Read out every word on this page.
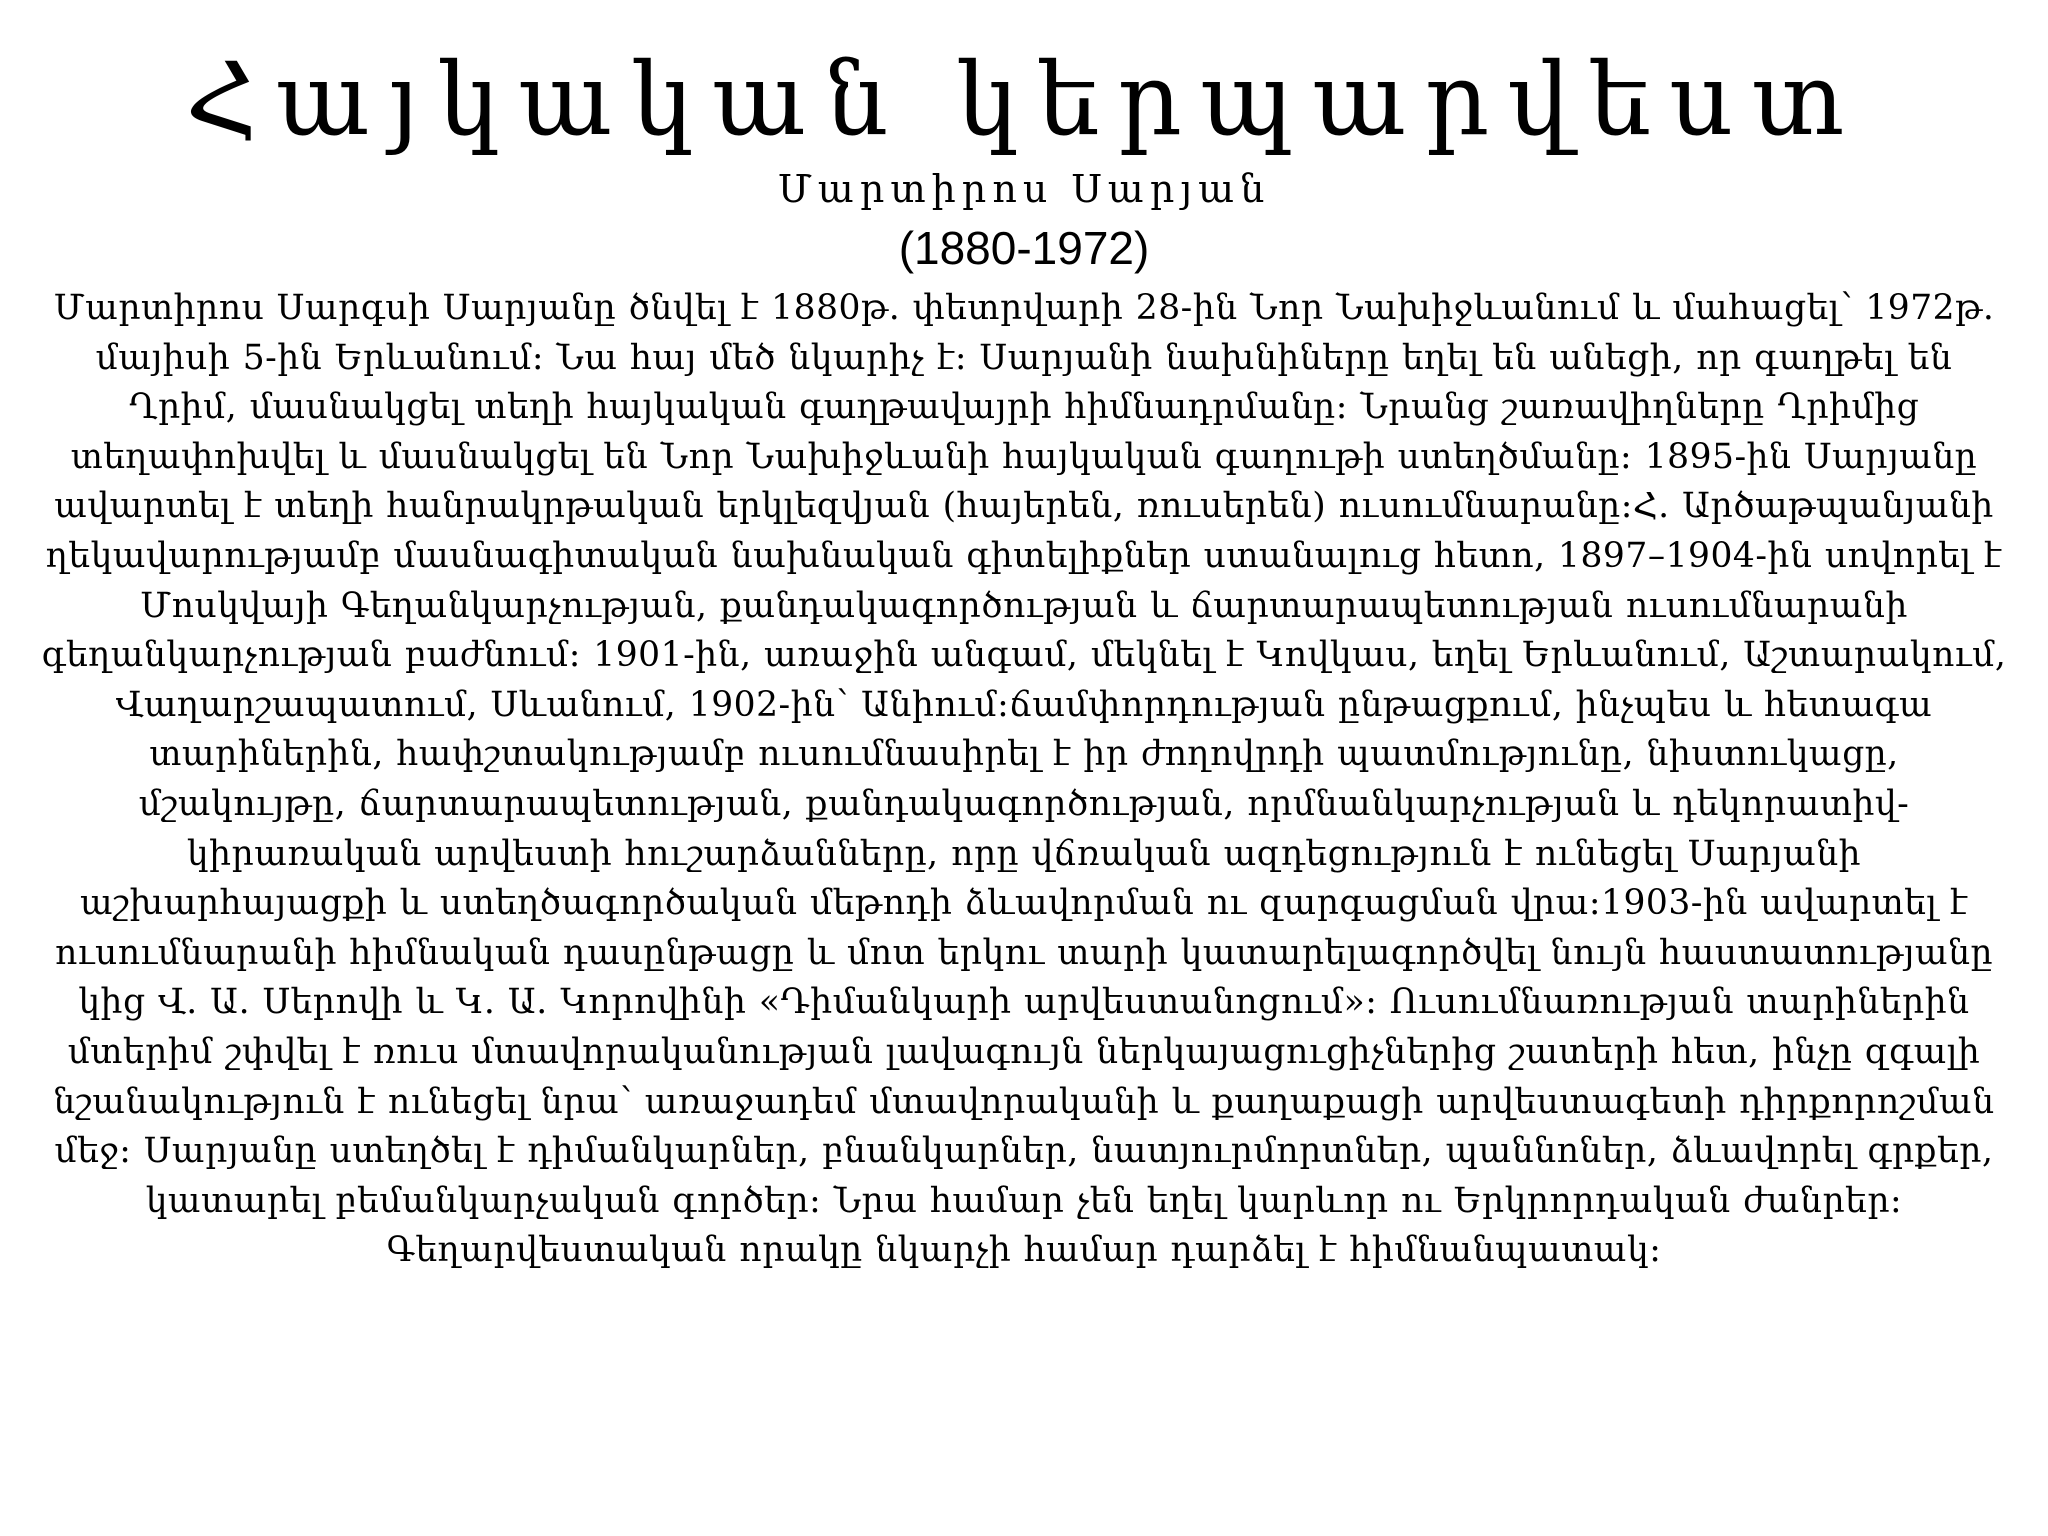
Հայկական կերպարվեստ
Մարտիրոս Սարյան
(1880-1972)
Մարտիրոս Սարգսի Սարյանը ծնվել է 1880թ. փետրվարի 28-ին Նոր Նախիջևանում և մահացել՝ 1972թ. մայիսի 5-ին Երևանում: Նա հայ մեծ նկարիչ է: Սարյանի նախնիները եղել են անեցի, որ գաղթել են Ղրիմ, մասնակցել տեղի հայկական գաղթավայրի հիմնադրմանը։ Նրանց շառավիղները Ղրիմից տեղափոխվել և մասնակցել են Նոր Նախիջևանի հայկական գաղութի ստեղծմանը։ 1895-ին Սարյանը ավարտել է տեղի հանրակրթական երկլեզվյան (հայերեն, ռուսերեն) ուսումնարանը:Հ. Արծաթպանյանի ղեկավարությամբ մասնագիտական նախնական գիտելիքներ ստանալուց հետո, 1897–1904-ին սովորել է Մոսկվայի Գեղանկարչության, քանդակագործության և ճարտարապետության ուսումնարանի գեղանկարչության բաժնում: 1901-ին, առաջին անգամ, մեկնել է Կովկաս, եղել Երևանում, Աշտարակում, Վաղարշապատում, Սևանում, 1902-ին՝ Անիում:ճամփորդության ընթացքում, ինչպես և հետագա տարիներին, հափշտակությամբ ուսումնասիրել է իր ժողովրդի պատմությունը, նիստուկացը, մշակույթը, ճարտարապետության, քանդակագործության, որմնանկարչության և դեկորատիվ-կիրառական արվեստի հուշարձանները, որը վճռական ազդեցություն է ունեցել Սարյանի աշխարհայացքի և ստեղծագործական մեթոդի ձևավորման ու զարգացման վրա:1903-ին ավարտել է ուսումնարանի հիմնական դասընթացը և մոտ երկու տարի կատարելագործվել նույն հաստատությանը կից Վ. Ա. Սերովի և Կ. Ա. Կորովինի «Դիմանկարի արվեստանոցում»: Ուսումնառության տարիներին մտերիմ շփվել է ռուս մտավորականության լավագույն ներկայացուցիչներից շատերի հետ, ինչը զգալի նշանակություն է ունեցել նրա՝ առաջադեմ մտավորականի և քաղաքացի արվեստագետի դիրքորոշման մեջ: Սարյանը ստեղծել է դիմանկարներ, բնանկարներ, նատյուրմորտներ, պաննոներ, ձևավորել գրքեր, կատարել բեմանկարչական գործեր: Նրա համար չեն եղել կարևոր ու Երկրորդական ժանրեր։ Գեղարվեստական որակը նկարչի համար դարձել է հիմնանպատակ։
